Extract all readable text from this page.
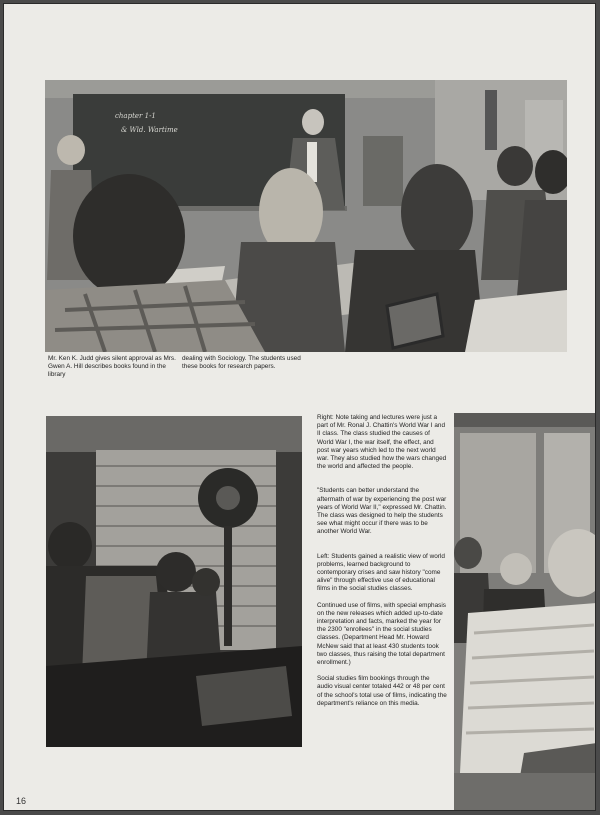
chapter 1-1
& Wld. Wartime
Mr. Ken K. Judd gives silent approval as Mrs. Gwen A. Hill describes books found in the library
dealing with Sociology. The students used these books for research papers.

Right: Note taking and lectures were just a part of Mr. Ronal J. Chattin's World War I and II class. The class studied the causes of World War I, the war itself, the effect, and post war years which led to the next world war. They also studied how the wars changed the world and affected the people.

"Students can better understand the aftermath of war by experiencing the post war years of World War II," expressed Mr. Chattin. The class was designed to help the students see what might occur if there was to be another World War.

Left: Students gained a realistic view of world problems, learned background to contemporary crises and saw history "come alive" through effective use of educational films in the social studies classes.

Continued use of films, with special emphasis on the new releases which added up-to-date interpretation and facts, marked the year for the 2300 "enrollees" in the social studies classes. (Department Head Mr. Howard McNew said that at least 430 students took two classes, thus raising the total department enrollment.)

Social studies film bookings through the audio visual center totaled 442 or 48 per cent of the school's total use of films, indicating the department's reliance on this media.

16
